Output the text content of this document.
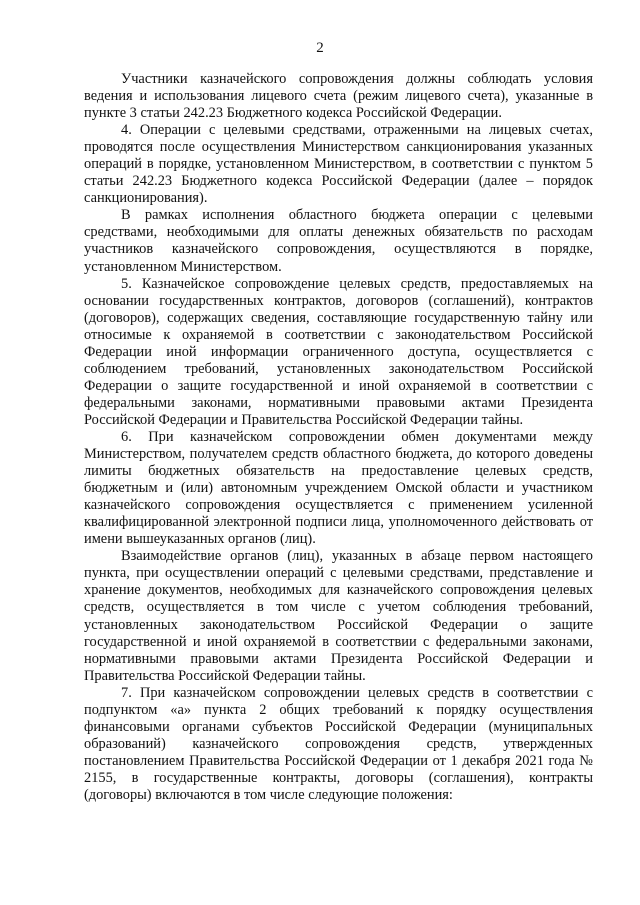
2

Участники казначейского сопровождения должны соблюдать условия ведения и использования лицевого счета (режим лицевого счета), указанные в пункте 3 статьи 242.23 Бюджетного кодекса Российской Федерации.

4. Операции с целевыми средствами, отраженными на лицевых счетах, проводятся после осуществления Министерством санкционирования указанных операций в порядке, установленном Министерством, в соответствии с пунктом 5 статьи 242.23 Бюджетного кодекса Российской Федерации (далее – порядок санкционирования).

В рамках исполнения областного бюджета операции с целевыми средствами, необходимыми для оплаты денежных обязательств по расходам участников казначейского сопровождения, осуществляются в порядке, установленном Министерством.

5. Казначейское сопровождение целевых средств, предоставляемых на основании государственных контрактов, договоров (соглашений), контрактов (договоров), содержащих сведения, составляющие государственную тайну или относимые к охраняемой в соответствии с законодательством Российской Федерации иной информации ограниченного доступа, осуществляется с соблюдением требований, установленных законодательством Российской Федерации о защите государственной и иной охраняемой в соответствии с федеральными законами, нормативными правовыми актами Президента Российской Федерации и Правительства Российской Федерации тайны.

6. При казначейском сопровождении обмен документами между Министерством, получателем средств областного бюджета, до которого доведены лимиты бюджетных обязательств на предоставление целевых средств, бюджетным и (или) автономным учреждением Омской области и участником казначейского сопровождения осуществляется с применением усиленной квалифицированной электронной подписи лица, уполномоченного действовать от имени вышеуказанных органов (лиц).

Взаимодействие органов (лиц), указанных в абзаце первом настоящего пункта, при осуществлении операций с целевыми средствами, представление и хранение документов, необходимых для казначейского сопровождения целевых средств, осуществляется в том числе с учетом соблюдения требований, установленных законодательством Российской Федерации о защите государственной и иной охраняемой в соответствии с федеральными законами, нормативными правовыми актами Президента Российской Федерации и Правительства Российской Федерации тайны.

7. При казначейском сопровождении целевых средств в соответствии с подпунктом «а» пункта 2 общих требований к порядку осуществления финансовыми органами субъектов Российской Федерации (муниципальных образований) казначейского сопровождения средств, утвержденных постановлением Правительства Российской Федерации от 1 декабря 2021 года № 2155, в государственные контракты, договоры (соглашения), контракты (договоры) включаются в том числе следующие положения:
